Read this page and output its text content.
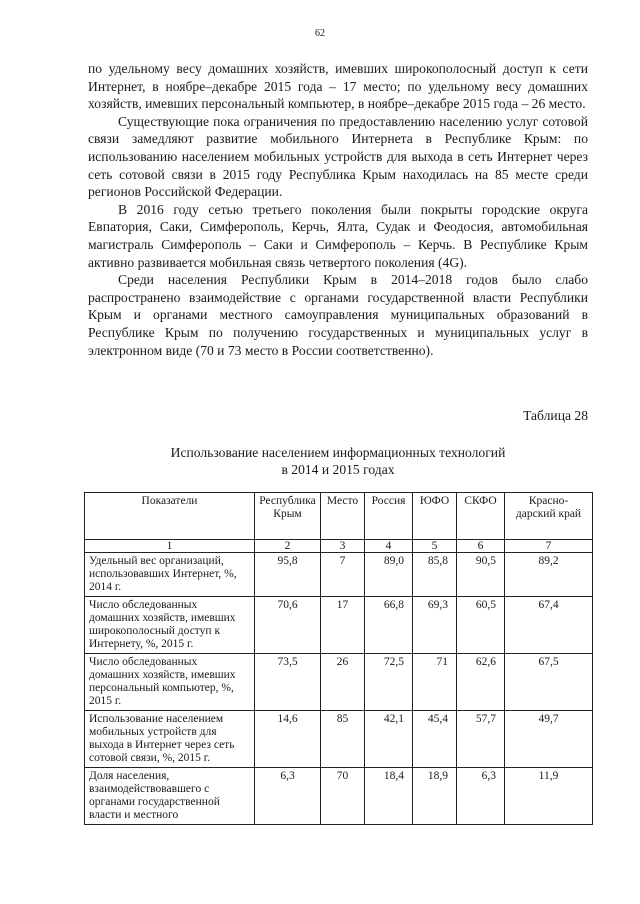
62

по удельному весу домашних хозяйств, имевших широкополосный доступ к сети Интернет, в ноябре–декабре 2015 года – 17 место; по удельному весу домашних хозяйств, имевших персональный компьютер, в ноябре–декабре 2015 года – 26 место.

Существующие пока ограничения по предоставлению населению услуг сотовой связи замедляют развитие мобильного Интернета в Республике Крым: по использованию населением мобильных устройств для выхода в сеть Интернет через сеть сотовой связи в 2015 году Республика Крым находилась на 85 месте среди регионов Российской Федерации.

В 2016 году сетью третьего поколения были покрыты городские округа Евпатория, Саки, Симферополь, Керчь, Ялта, Судак и Феодосия, автомобильная магистраль Симферополь – Саки и Симферополь – Керчь. В Республике Крым активно развивается мобильная связь четвертого поколения (4G).

Среди населения Республики Крым в 2014–2018 годов было слабо распространено взаимодействие с органами государственной власти Республики Крым и органами местного самоуправления муниципальных образований в Республике Крым по получению государственных и муниципальных услуг в электронном виде (70 и 73 место в России соответственно).

Таблица 28
Использование населением информационных технологий
в 2014 и 2015 годах
Показатели	Республика Крым	Место	Россия	ЮФО	СКФО	Красно-дарский край
1	2	3	4	5	6	7
Удельный вес организаций, использовавших Интернет, %, 2014 г.	95,8	7	89,0	85,8	90,5	89,2
Число обследованных домашних хозяйств, имевших широкополосный доступ к Интернету, %, 2015 г.	70,6	17	66,8	69,3	60,5	67,4
Число обследованных домашних хозяйств, имевших персональный компьютер, %, 2015 г.	73,5	26	72,5	71	62,6	67,5
Использование населением мобильных устройств для выхода в Интернет через сеть сотовой связи, %, 2015 г.	14,6	85	42,1	45,4	57,7	49,7
Доля населения, взаимодействовавшего с органами государственной власти и местного	6,3	70	18,4	18,9	6,3	11,9
